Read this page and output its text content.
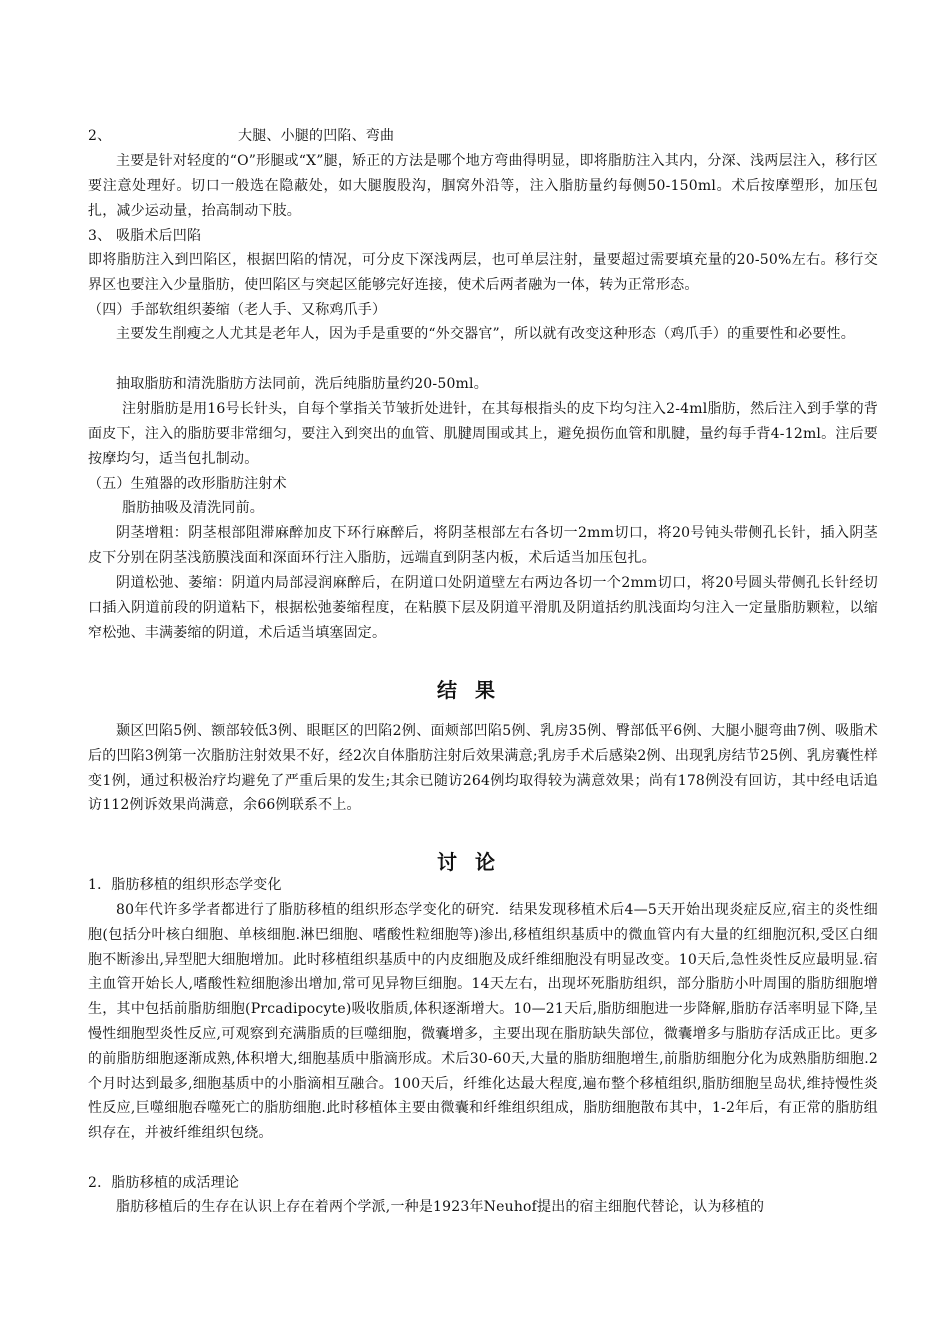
2、	大腿、小腿的凹陷、弯曲

主要是针对轻度的“O”形腿或“X”腿，矫正的方法是哪个地方弯曲得明显，即将脂肪注入其内，分深、浅两层注入，移行区要注意处理好。切口一般选在隐蔽处，如大腿腹股沟，腘窝外沿等，注入脂肪量约每侧50-150ml。术后按摩塑形，加压包扎，减少运动量，抬高制动下肢。

3、 吸脂术后凹陷

即将脂肪注入到凹陷区，根据凹陷的情况，可分皮下深浅两层，也可单层注射，量要超过需要填充量的20-50%左右。移行交界区也要注入少量脂肪，使凹陷区与突起区能够完好连接，使术后两者融为一体，转为正常形态。

（四）手部软组织萎缩（老人手、又称鸡爪手）

主要发生削瘦之人尤其是老年人，因为手是重要的“外交器官”，所以就有改变这种形态（鸡爪手）的重要性和必要性。

抽取脂肪和清洗脂肪方法同前，洗后纯脂肪量约20-50ml。

注射脂肪是用16号长针头，自每个掌指关节皱折处进针，在其每根指头的皮下均匀注入2-4ml脂肪，然后注入到手掌的背面皮下，注入的脂肪要非常细匀，要注入到突出的血管、肌腱周围或其上，避免损伤血管和肌腱，量约每手背4-12ml。注后要按摩均匀，适当包扎制动。

（五）生殖器的改形脂肪注射术

脂肪抽吸及清洗同前。

阴茎增粗：阴茎根部阻滞麻醉加皮下环行麻醉后，将阴茎根部左右各切一2mm切口，将20号钝头带侧孔长针，插入阴茎皮下分别在阴茎浅筋膜浅面和深面环行注入脂肪，远端直到阴茎内板，术后适当加压包扎。

阴道松弛、萎缩：阴道内局部浸润麻醉后，在阴道口处阴道壁左右两边各切一个2mm切口，将20号圆头带侧孔长针经切口插入阴道前段的阴道粘下，根据松弛萎缩程度，在粘膜下层及阴道平滑肌及阴道括约肌浅面均匀注入一定量脂肪颗粒，以缩窄松弛、丰满萎缩的阴道，术后适当填塞固定。

结果

颞区凹陷5例、额部较低3例、眼眶区的凹陷2例、面颊部凹陷5例、乳房35例、臀部低平6例、大腿小腿弯曲7例、吸脂术后的凹陷3例第一次脂肪注射效果不好，经2次自体脂肪注射后效果满意;乳房手术后感染2例、出现乳房结节25例、乳房囊性样变1例，通过积极治疗均避免了严重后果的发生;其余已随访264例均取得较为满意效果；尚有178例没有回访，其中经电话追访112例诉效果尚满意，余66例联系不上。

讨论

1．脂肪移植的组织形态学变化

80年代许多学者都进行了脂肪移植的组织形态学变化的研究．结果发现移植术后4—5天开始出现炎症反应,宿主的炎性细胞(包括分叶核白细胞、单核细胞.淋巴细胞、嗜酸性粒细胞等)渗出,移植组织基质中的微血管内有大量的红细胞沉积,受区白细胞不断渗出,异型肥大细胞增加。此时移植组织基质中的内皮细胞及成纤维细胞没有明显改变。10天后,急性炎性反应最明显.宿主血管开始长人,嗜酸性粒细胞渗出增加,常可见异物巨细胞。14天左右，出现坏死脂肪组织，部分脂肪小叶周围的脂肪细胞增生，其中包括前脂肪细胞(Prcadipocyte)吸收脂质,体积逐渐增大。10—21天后,脂肪细胞进一步降解,脂肪存活率明显下降,呈慢性细胞型炎性反应,可观察到充满脂质的巨噬细胞，微囊增多，主要出现在脂肪缺失部位，微囊增多与脂肪存活成正比。更多的前脂肪细胞逐渐成熟,体积增大,细胞基质中脂滴形成。术后30-60天,大量的脂肪细胞增生,前脂肪细胞分化为成熟脂肪细胞.2个月时达到最多,细胞基质中的小脂滴相互融合。100天后，纤维化达最大程度,遍布整个移植组织,脂肪细胞呈岛状,维持慢性炎性反应,巨噬细胞吞噬死亡的脂肪细胞.此时移植体主要由微囊和纤维组织组成，脂肪细胞散布其中，1-2年后，有正常的脂肪组织存在，并被纤维组织包绕。

2．脂肪移植的成活理论

脂肪移植后的生存在认识上存在着两个学派,一种是1923年Neuhof提出的宿主细胞代替论，认为移植的
